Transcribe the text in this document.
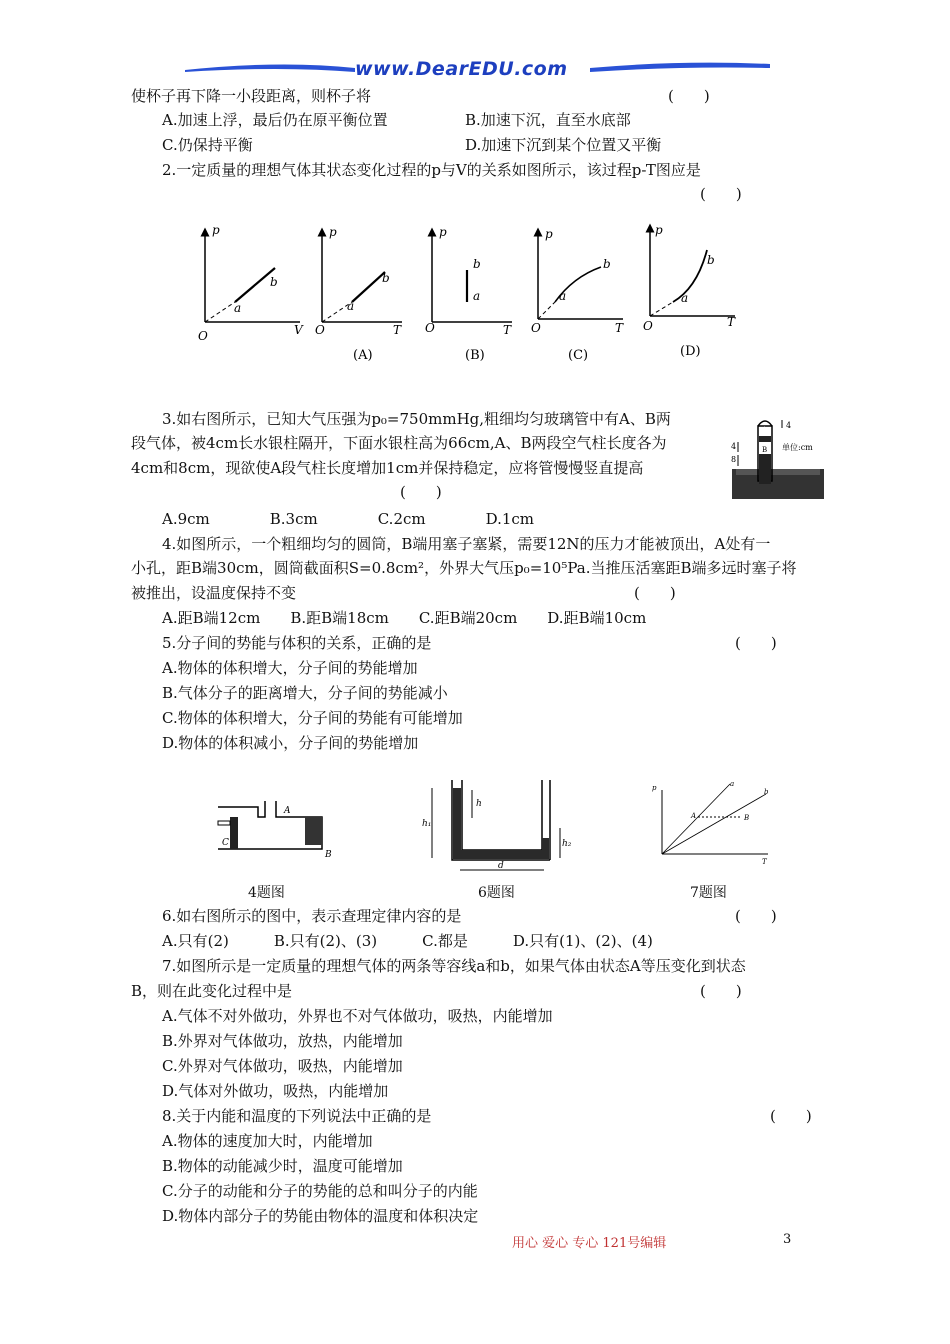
www.DearEDU.com
使杯子再下降一小段距离，则杯子将	(　　)
A.加速上浮，最后仍在原平衡位置	B.加速下沉，直至水底部
C.仍保持平衡	D.加速下沉到某个位置又平衡
2.一定质量的理想气体其状态变化过程的p与V的关系如图所示，该过程p-T图应是
(　　)
p
V
O
a
b
p
T
O
a
b
p
T
O
a
b
p
T
O
a
b
p
T
O
a
b
(A)	(B)	(C)	(D)
3.如右图所示，已知大气压强为p₀=750mmHg,粗细均匀玻璃管中有A、B两
段气体，被4cm长水银柱隔开，下面水银柱高为66cm,A、B两段空气柱长度各为
4cm和8cm，现欲使A段气柱长度增加1cm并保持稳定，应将管慢慢竖直提高
(　　)
A.9cm　　　　B.3cm　　　　C.2cm　　　　D.1cm
4
4
8
A
B 单位:cm
4.如图所示，一个粗细均匀的圆筒，B端用塞子塞紧，需要12N的压力才能被顶出，A处有一
小孔，距B端30cm，圆筒截面积S=0.8cm²，外界大气压p₀=10⁵Pa.当推压活塞距B端多远时塞子将
被推出，设温度保持不变	(　　)
A.距B端12cm　　B.距B端18cm　　C.距B端20cm　　D.距B端10cm
5.分子间的势能与体积的关系，正确的是	(　　)
A.物体的体积增大，分子间的势能增加
B.气体分子的距离增大，分子间的势能减小
C.物体的体积增大，分子间的势能有可能增加
D.物体的体积减小，分子间的势能增加
A
B
C
h
h₁
h₂
d
p
T
a
b
A	B
4题图	6题图	7题图
6.如右图所示的图中，表示查理定律内容的是	(　　)
A.只有(2)　　　B.只有(2)、(3)　　　C.都是　　　D.只有(1)、(2)、(4)
7.如图所示是一定质量的理想气体的两条等容线a和b，如果气体由状态A等压变化到状态
B，则在此变化过程中是	(　　)
A.气体不对外做功，外界也不对气体做功，吸热，内能增加
B.外界对气体做功，放热，内能增加
C.外界对气体做功，吸热，内能增加
D.气体对外做功，吸热，内能增加
8.关于内能和温度的下列说法中正确的是	(　　)
A.物体的速度加大时，内能增加
B.物体的动能减少时，温度可能增加
C.分子的动能和分子的势能的总和叫分子的内能
D.物体内部分子的势能由物体的温度和体积决定
用心 爱心 专心 121号编辑	3
